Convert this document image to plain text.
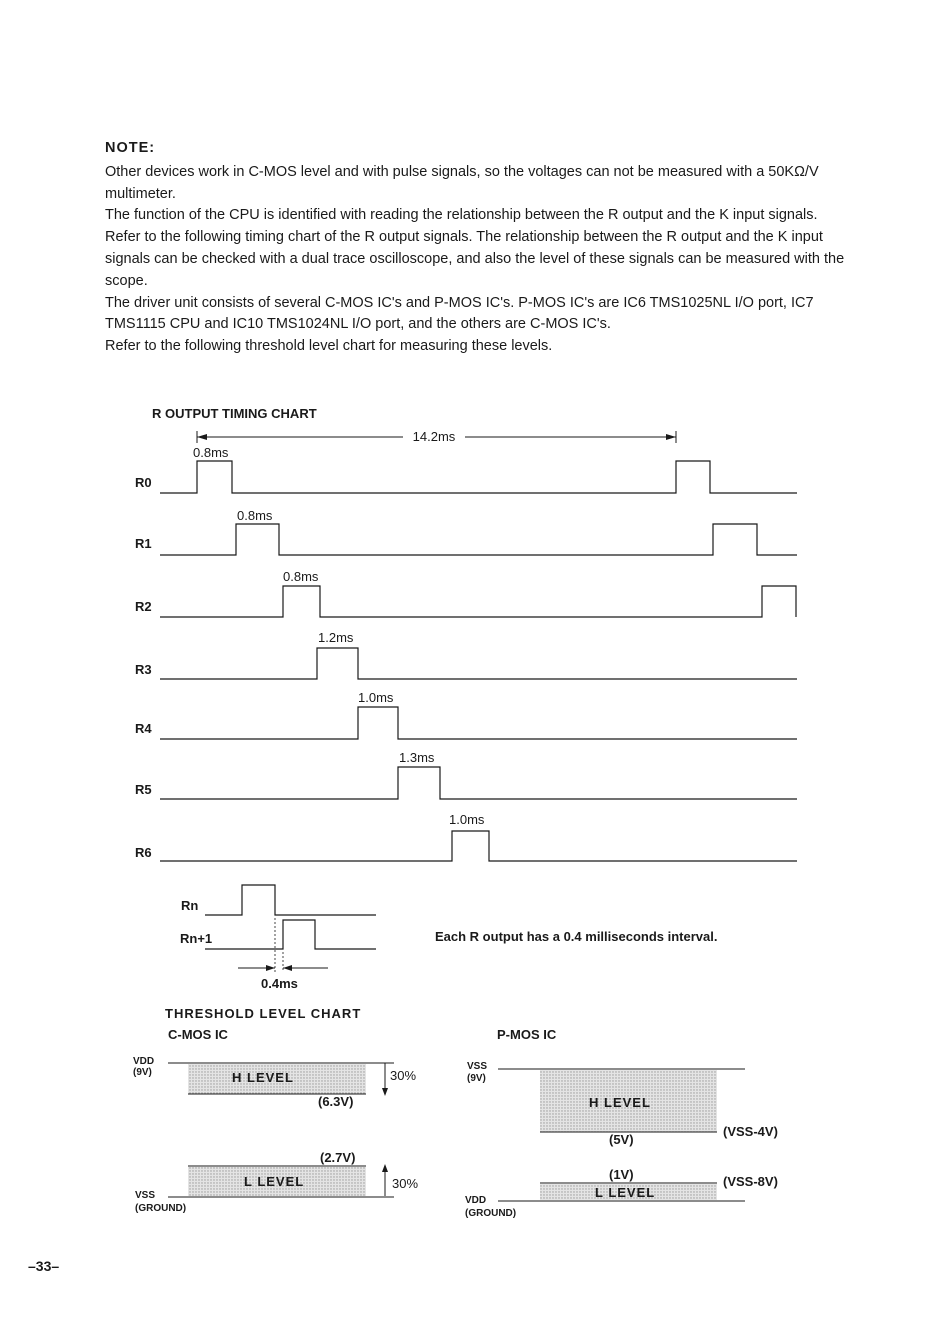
NOTE:

Other devices work in C-MOS level and with pulse signals, so the voltages can not be measured with a 50KΩ/V multimeter.

The function of the CPU is identified with reading the relationship between the R output and the K input signals.

Refer to the following timing chart of the R output signals. The relationship between the R output and the K input signals can be checked with a dual trace oscilloscope, and also the level of these signals can be measured with the scope.

The driver unit consists of several C-MOS IC's and P-MOS IC's. P-MOS IC's are IC6 TMS1025NL I/O port, IC7 TMS1115 CPU and IC10 TMS1024NL I/O port, and the others are C-MOS IC's.

Refer to the following threshold level chart for measuring these levels.

R OUTPUT TIMING CHART
14.2ms
R0
0.8ms
R1
0.8ms
R2
0.8ms
R3
1.2ms
R4
1.0ms
R5
1.3ms
R6
1.0ms
Rn
Rn+1
0.4ms
Each R output has a 0.4 milliseconds interval.
THRESHOLD LEVEL CHART
C-MOS IC
VDD
(9V)	H LEVEL
(6.3V)
30%
(2.7V)
L LEVEL	30%
VSS
(GROUND)
P-MOS IC
VSS
(9V)
H LEVEL
(5V)
(VSS-4V)
(1V)
L LEVEL
(VSS-8V)
VDD
(GROUND)
–33–
